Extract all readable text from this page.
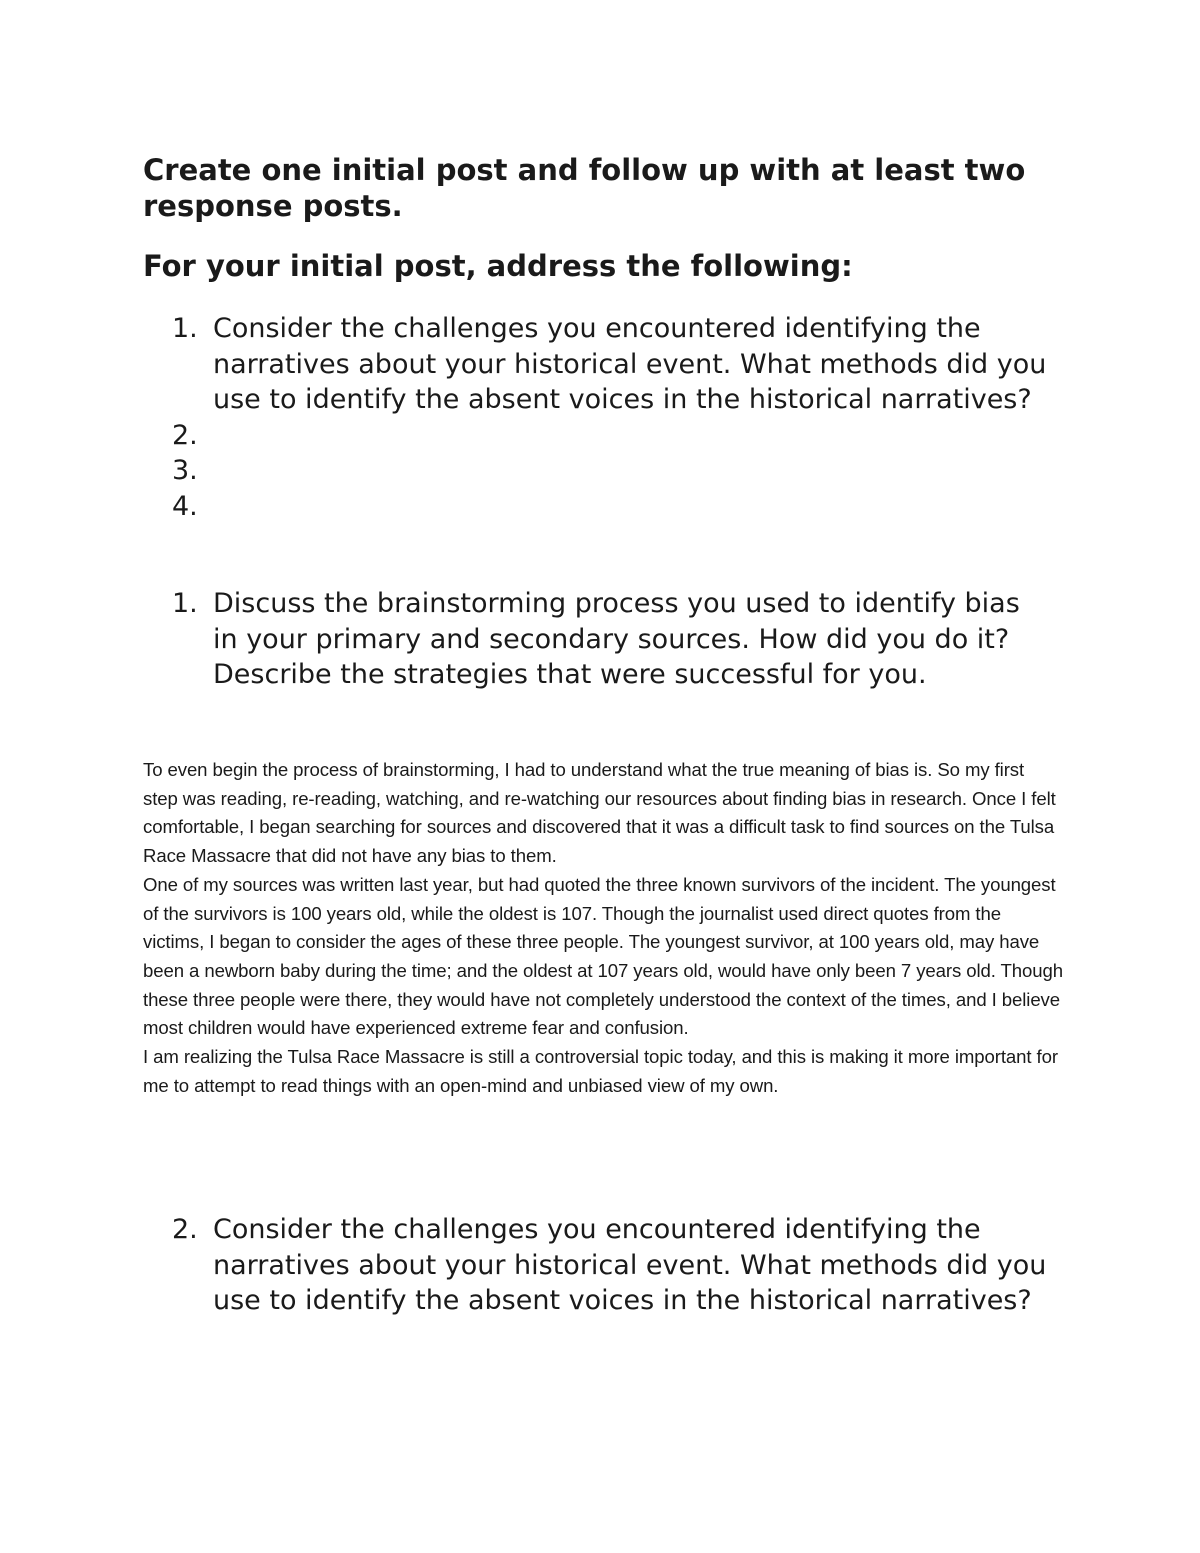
Create one initial post and follow up with at least two response posts.
For your initial post, address the following:
1. Consider the challenges you encountered identifying the narratives about your historical event. What methods did you use to identify the absent voices in the historical narratives?
2.
3.
4.
1. Discuss the brainstorming process you used to identify bias in your primary and secondary sources. How did you do it? Describe the strategies that were successful for you.

To even begin the process of brainstorming, I had to understand what the true meaning of bias is. So my first step was reading, re-reading, watching, and re-watching our resources about finding bias in research. Once I felt comfortable, I began searching for sources and discovered that it was a difficult task to find sources on the Tulsa Race Massacre that did not have any bias to them.

One of my sources was written last year, but had quoted the three known survivors of the incident. The youngest of the survivors is 100 years old, while the oldest is 107. Though the journalist used direct quotes from the victims, I began to consider the ages of these three people. The youngest survivor, at 100 years old, may have been a newborn baby during the time; and the oldest at 107 years old, would have only been 7 years old. Though these three people were there, they would have not completely understood the context of the times, and I believe most children would have experienced extreme fear and confusion.

I am realizing the Tulsa Race Massacre is still a controversial topic today, and this is making it more important for me to attempt to read things with an open-mind and unbiased view of my own.

2. Consider the challenges you encountered identifying the narratives about your historical event. What methods did you use to identify the absent voices in the historical narratives?
